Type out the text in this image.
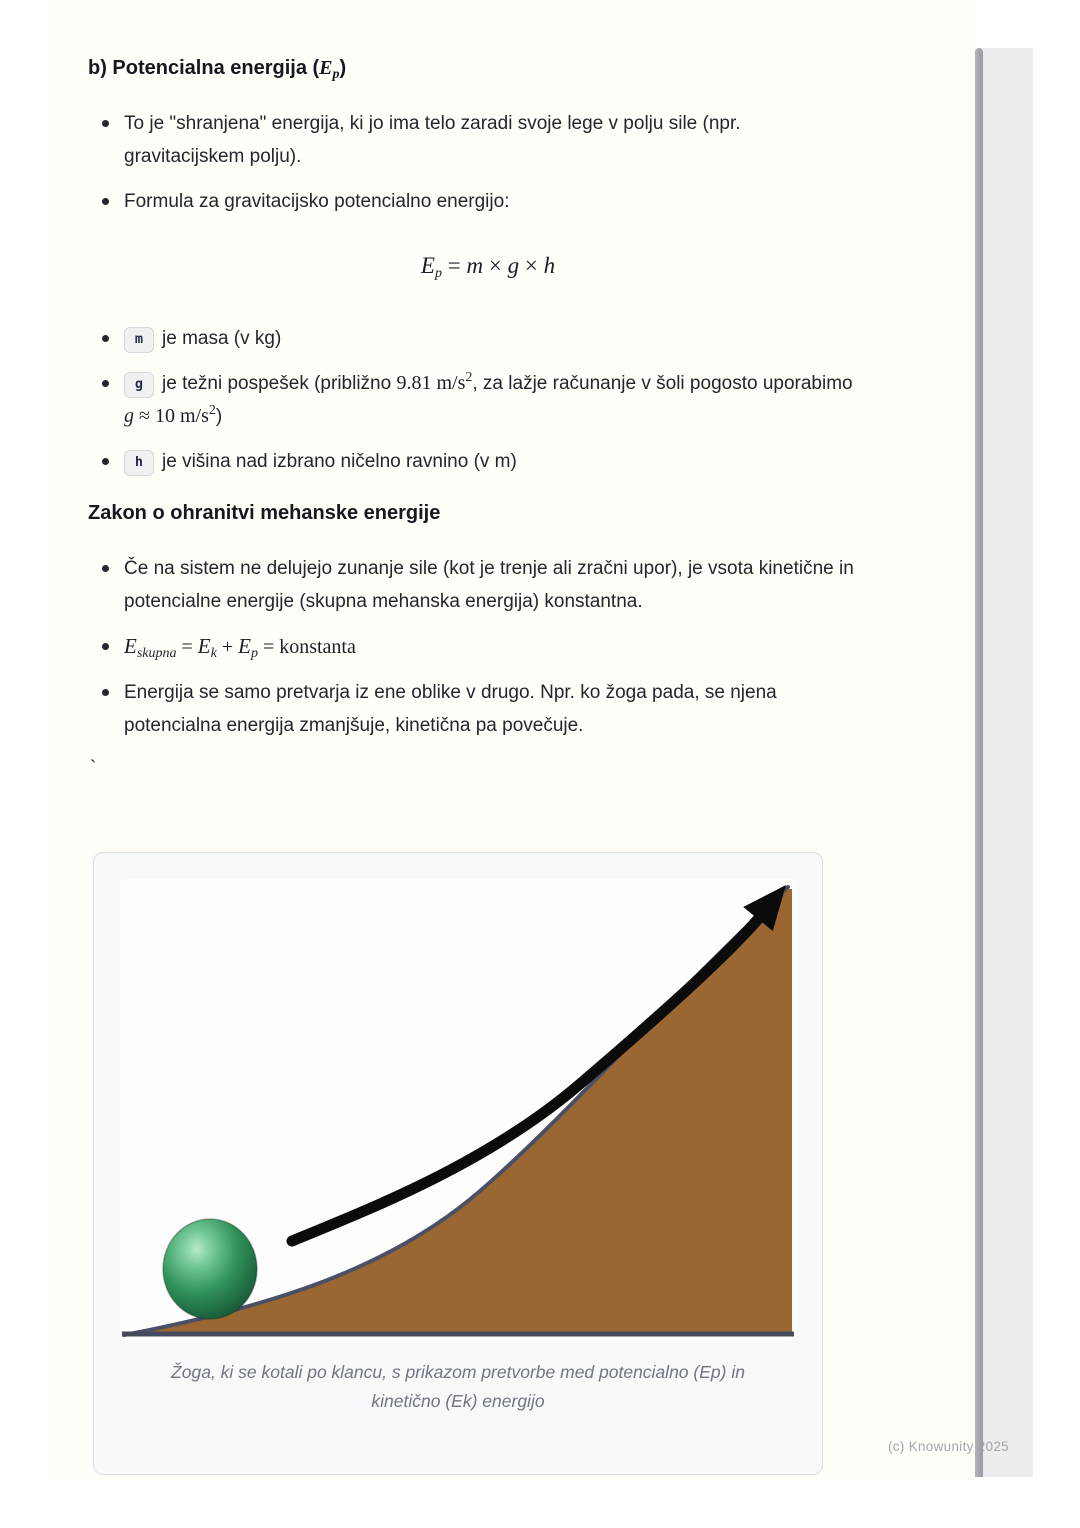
b) Potencialna energija $(E_p)$
To je "shranjena" energija, ki jo ima telo zaradi svoje lege v polju sile (npr. gravitacijskem polju).
Formula za gravitacijsko potencialno energijo:
Ep = m × g × h
m je masa (v kg)
g je težni pospešek (približno 9.81 $m/s^2$, za lažje računanje v šoli pogosto uporabimo g ≈ 10 $m/s^2$)
h je višina nad izbrano ničelno ravnino (v m)
Zakon o ohranitvi mehanske energije
Če na sistem ne delujejo zunanje sile (kot je trenje ali zračni upor), je vsota kinetične in potencialne energije (skupna mehanska energija) konstantna.
$E_{skupna} = E_k + E_p$ = konstanta
Energija se samo pretvarja iz ene oblike v drugo. Npr. ko žoga pada, se njena potencialna energija zmanjšuje, kinetična pa povečuje.
`
Žoga, ki se kotali po klancu, s prikazom pretvorbe med potencialno (Ep) in kinetično (Ek) energijo
(c) Knowunity 2025
